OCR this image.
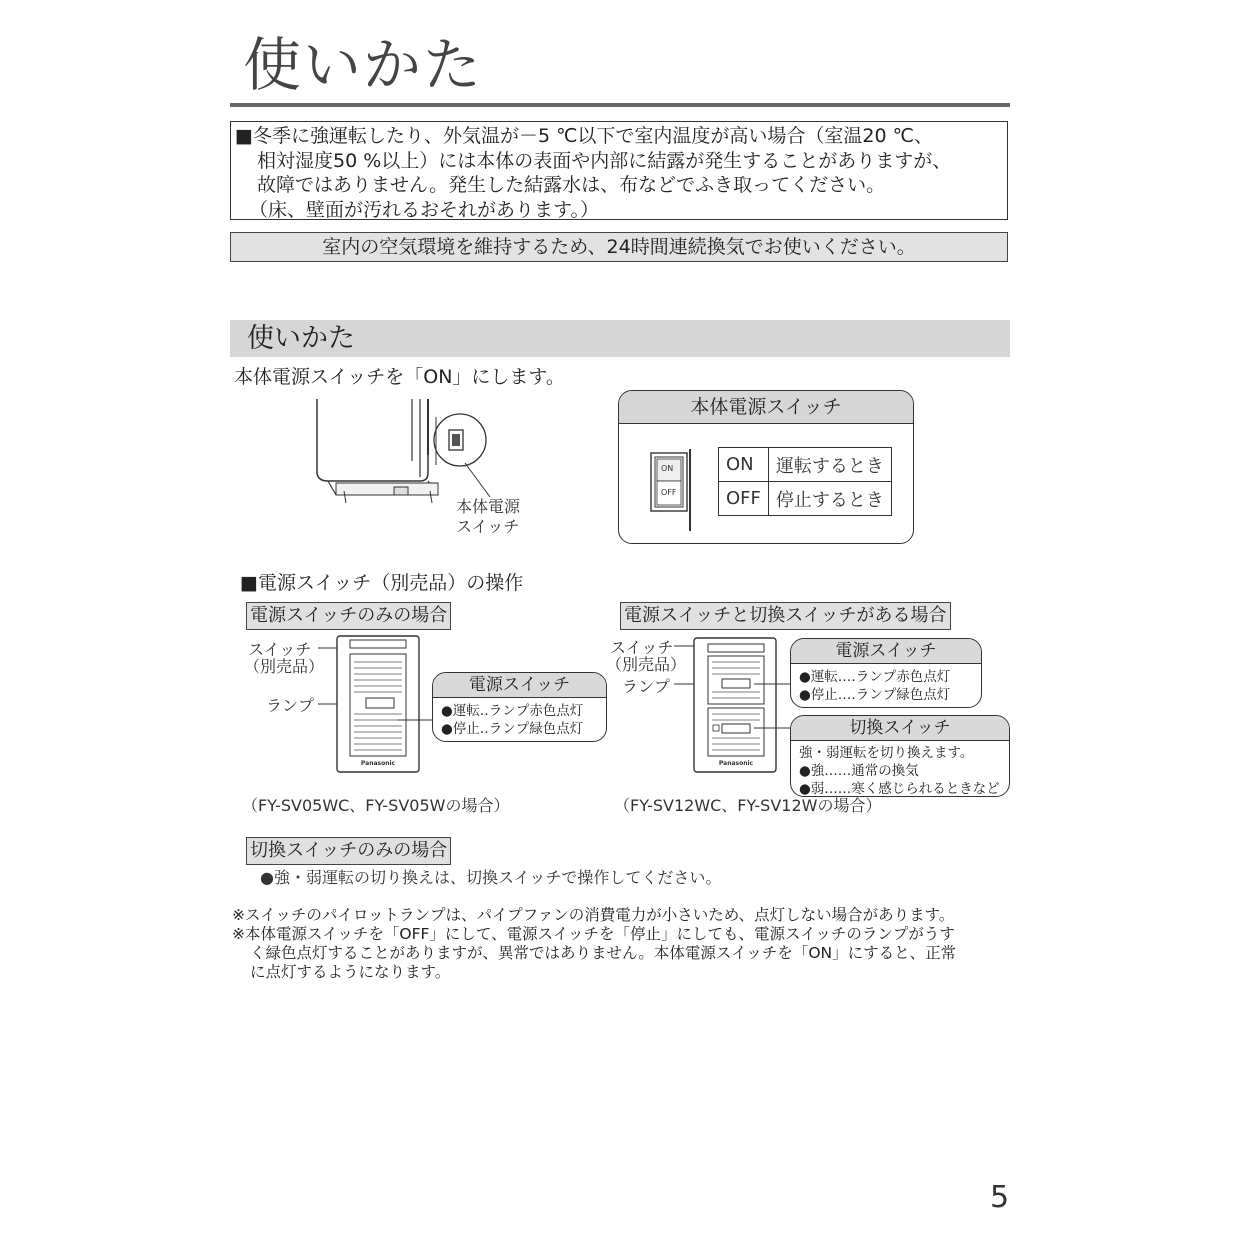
使いかた
■冬季に強運転したり、外気温が－5 ℃以下で室内温度が高い場合（室温20 ℃、
相対湿度50 %以上）には本体の表面や内部に結露が発生することがありますが、
故障ではありません。発生した結露水は、布などでふき取ってください。
（床、壁面が汚れるおそれがあります。）
室内の空気環境を維持するため、24時間連続換気でお使いください。
使いかた
本体電源スイッチを「ON」にします。
本体電源
スイッチ
本体電源スイッチ
ON
OFF
ON	運転するとき
OFF	停止するとき
■電源スイッチ（別売品）の操作
電源スイッチのみの場合
スイッチ
（別売品）
ランプ
Panasonic
電源スイッチ
●運転‥ランプ赤色点灯
●停止‥ランプ緑色点灯
（FY-SV05WC、FY-SV05Wの場合）
電源スイッチと切換スイッチがある場合
スイッチ
（別売品）
ランプ
Panasonic
電源スイッチ
●運転‥‥ランプ赤色点灯
●停止‥‥ランプ緑色点灯
切換スイッチ
強・弱運転を切り換えます。
●強……通常の換気
●弱……寒く感じられるときなど
（FY-SV12WC、FY-SV12Wの場合）
切換スイッチのみの場合
●強・弱運転の切り換えは、切換スイッチで操作してください。
※スイッチのパイロットランプは、パイプファンの消費電力が小さいため、点灯しない場合があります。
※本体電源スイッチを「OFF」にして、電源スイッチを「停止」にしても、電源スイッチのランプがうす
く緑色点灯することがありますが、異常ではありません。本体電源スイッチを「ON」にすると、正常
に点灯するようになります。
5
